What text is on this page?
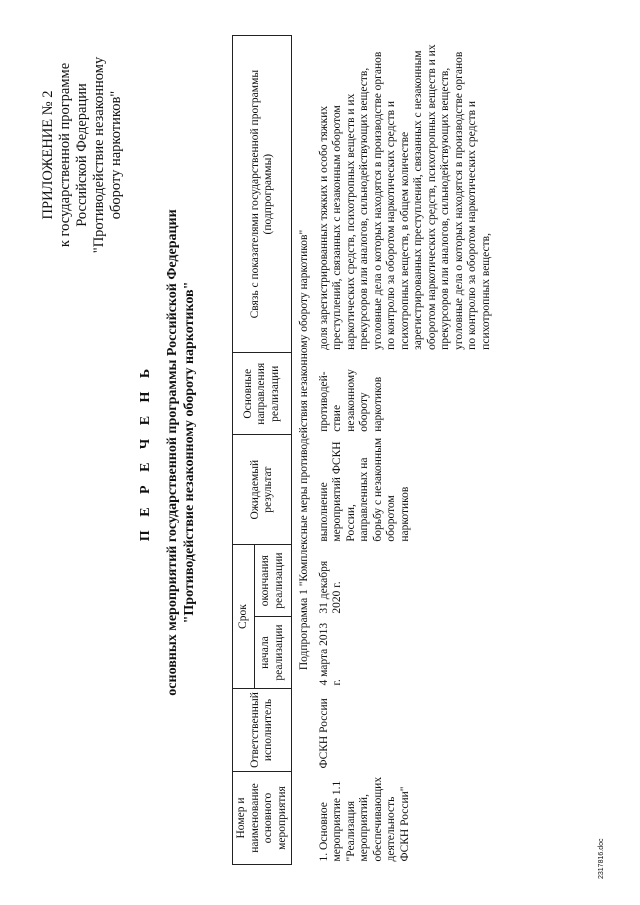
ПРИЛОЖЕНИЕ № 2 к государственной программе Российской Федерации "Противодействие незаконному обороту наркотиков"
П Е Р Е Ч Е Н Ь основных мероприятий государственной программы Российской Федерации "Противодействие незаконному обороту наркотиков"
Номер и наименование основного мероприятия	Ответственный исполнитель	Срок		Ожидаемый результат	Основные направления реализации	Связь с показателями государственной программы (подпрограммы)
		начала реализации	окончания реализации			
Подпрограмма 1 "Комплексные меры противодействия незаконному обороту наркотиков"						
1. Основное мероприятие 1.1 "Реализация мероприятий, обеспечивающих деятельность ФСКН России"	ФСКН России	4 марта 2013 г.	31 декабря 2020 г.	выполнение мероприятий ФСКН России, направленных на борьбу с незаконным оборотом наркотиков	противодей-ствие незаконному обороту наркотиков	доля зарегистрированных тяжких и особо тяжких преступлений, связанных с незаконным оборотом наркотических средств, психотропных веществ и их прекурсоров или аналогов, сильнодействующих веществ, уголовные дела о которых находятся в производстве органов по контролю за оборотом наркотических средств и психотропных веществ, в общем количестве зарегистрированных преступлений, связанных с незаконным оборотом наркотических средств, психотропных веществ и их прекурсоров или аналогов, сильнодействующих веществ, уголовные дела о которых находятся в производстве органов по контролю за оборотом наркотических средств и психотропных веществ,
2317816.doc
